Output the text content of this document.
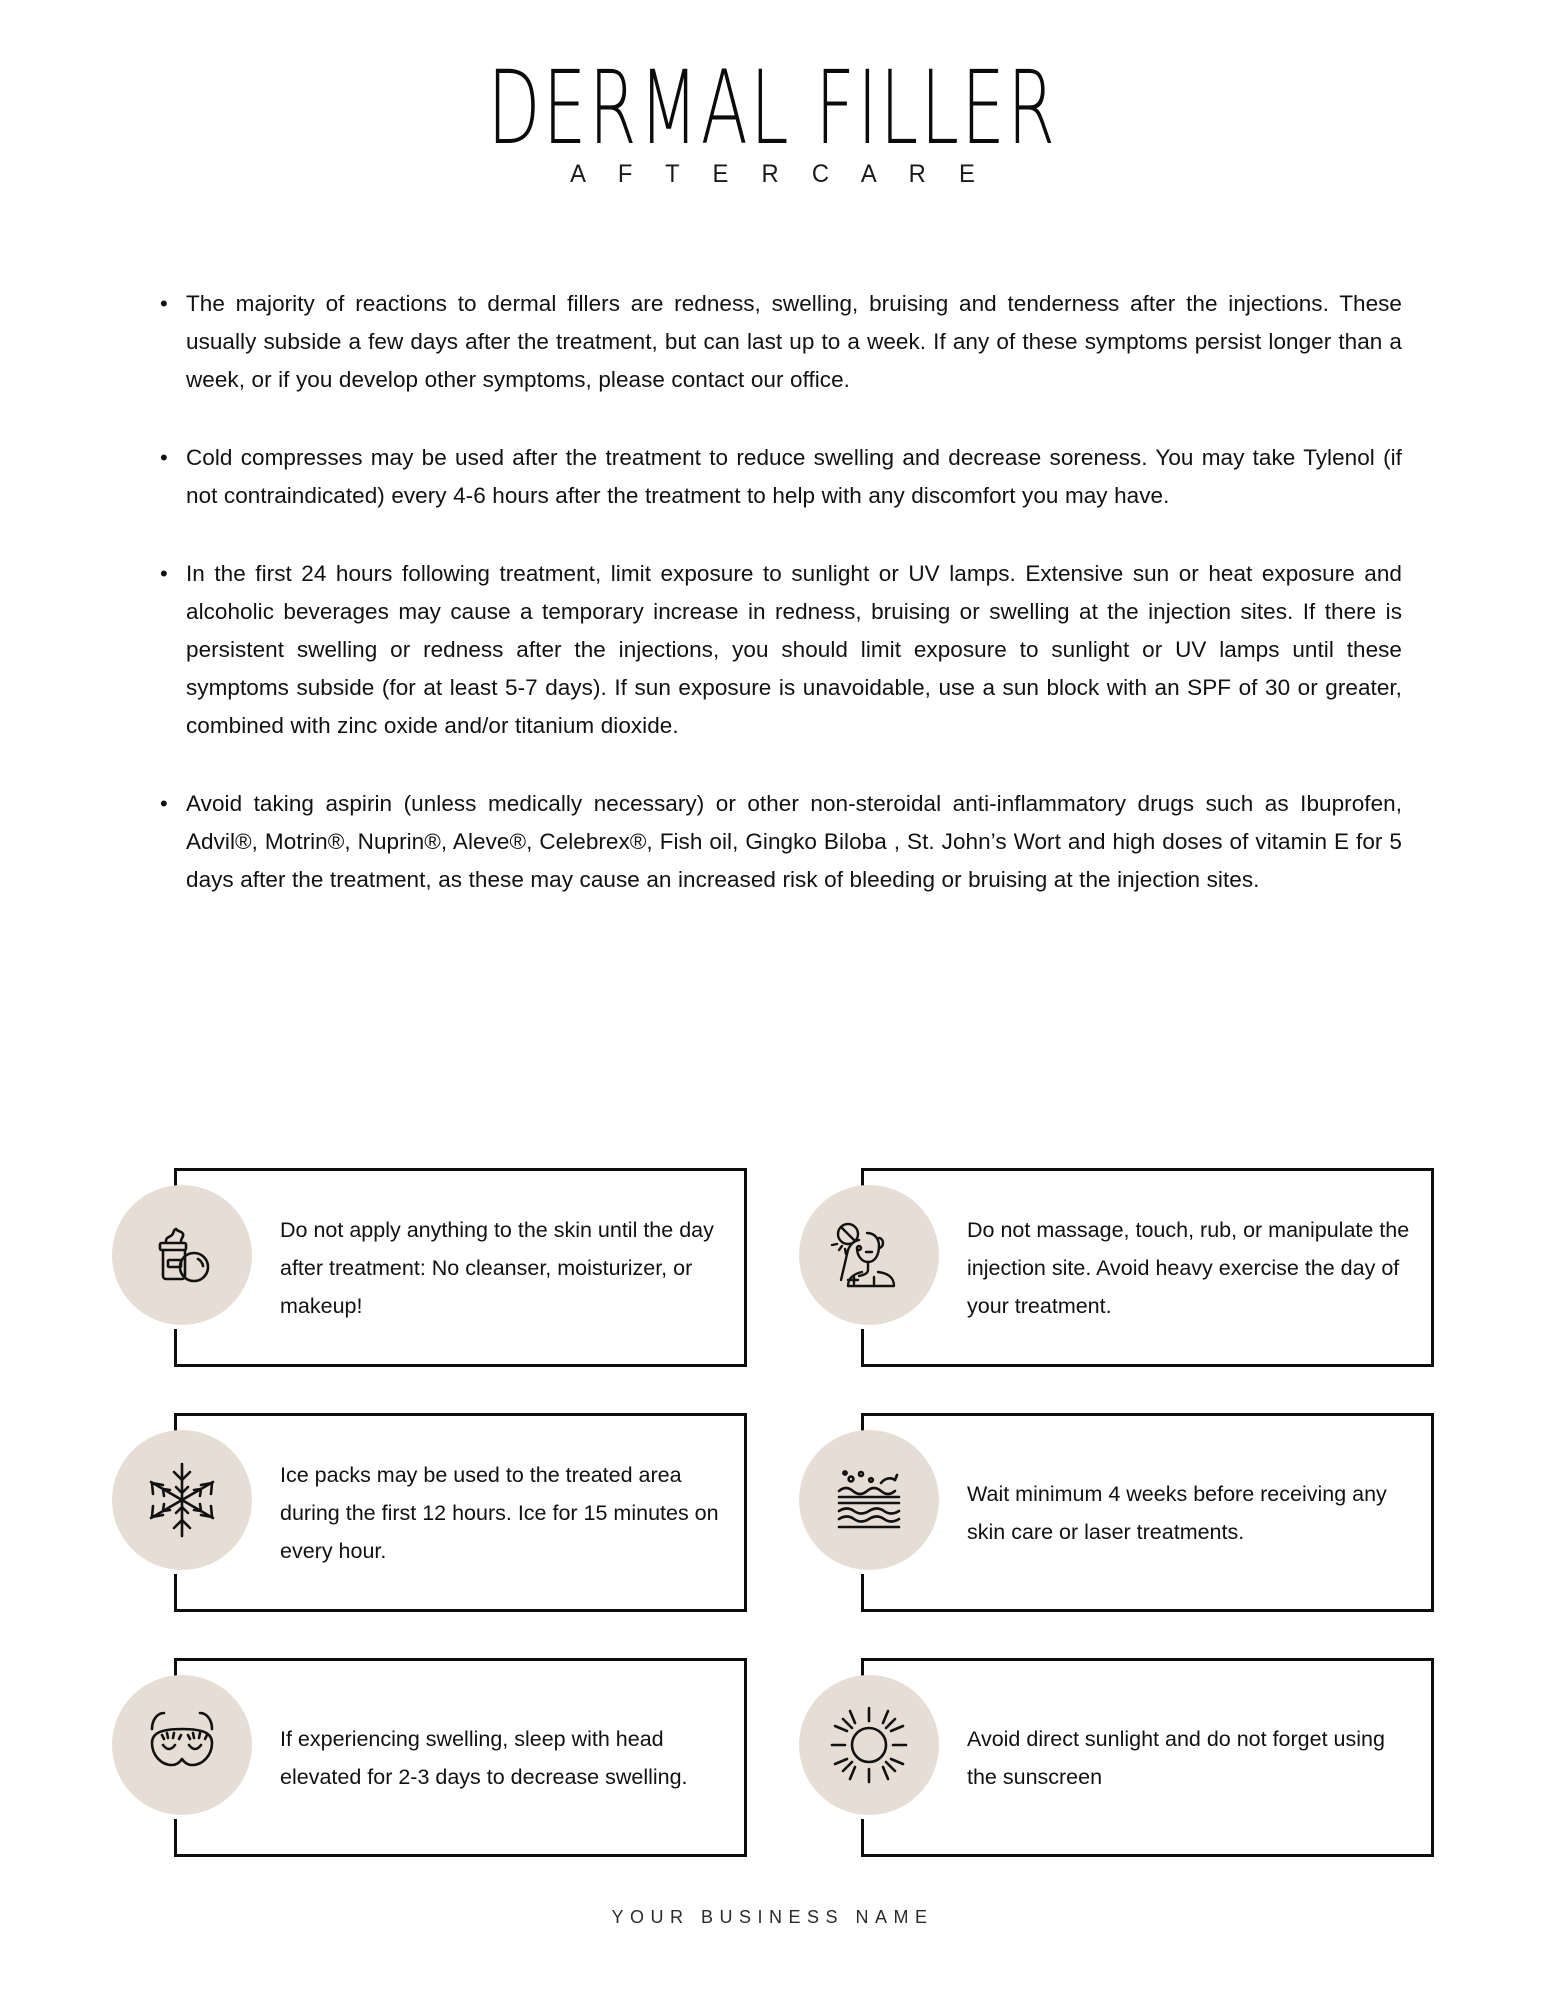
DERMAL FILLER
A F T E R C A R E
• The majority of reactions to dermal fillers are redness, swelling, bruising and tenderness after the injections. These usually subside a few days after the treatment, but can last up to a week. If any of these symptoms persist longer than a week, or if you develop other symptoms, please contact our office.
• Cold compresses may be used after the treatment to reduce swelling and decrease soreness. You may take Tylenol (if not contraindicated) every 4-6 hours after the treatment to help with any discomfort you may have.
• In the first 24 hours following treatment, limit exposure to sunlight or UV lamps. Extensive sun or heat exposure and alcoholic beverages may cause a temporary increase in redness, bruising or swelling at the injection sites. If there is persistent swelling or redness after the injections, you should limit exposure to sunlight or UV lamps until these symptoms subside (for at least 5-7 days). If sun exposure is unavoidable, use a sun block with an SPF of 30 or greater, combined with zinc oxide and/or titanium dioxide.
• Avoid taking aspirin (unless medically necessary) or other non-steroidal anti-inflammatory drugs such as Ibuprofen, Advil®, Motrin®, Nuprin®, Aleve®, Celebrex®, Fish oil, Gingko Biloba , St. John’s Wort and high doses of vitamin E for 5 days after the treatment, as these may cause an increased risk of bleeding or bruising at the injection sites.
Do not apply anything to the skin until the day after treatment: No cleanser, moisturizer, or makeup!
Do not massage, touch, rub, or manipulate the injection site. Avoid heavy exercise the day of your treatment.
Ice packs may be used to the treated area during the first 12 hours. Ice for 15 minutes on every hour.
Wait minimum 4 weeks before receiving any skin care or laser treatments.
If experiencing swelling, sleep with head elevated for 2-3 days to decrease swelling.
Avoid direct sunlight and do not forget using the sunscreen
YOUR BUSINESS NAME
